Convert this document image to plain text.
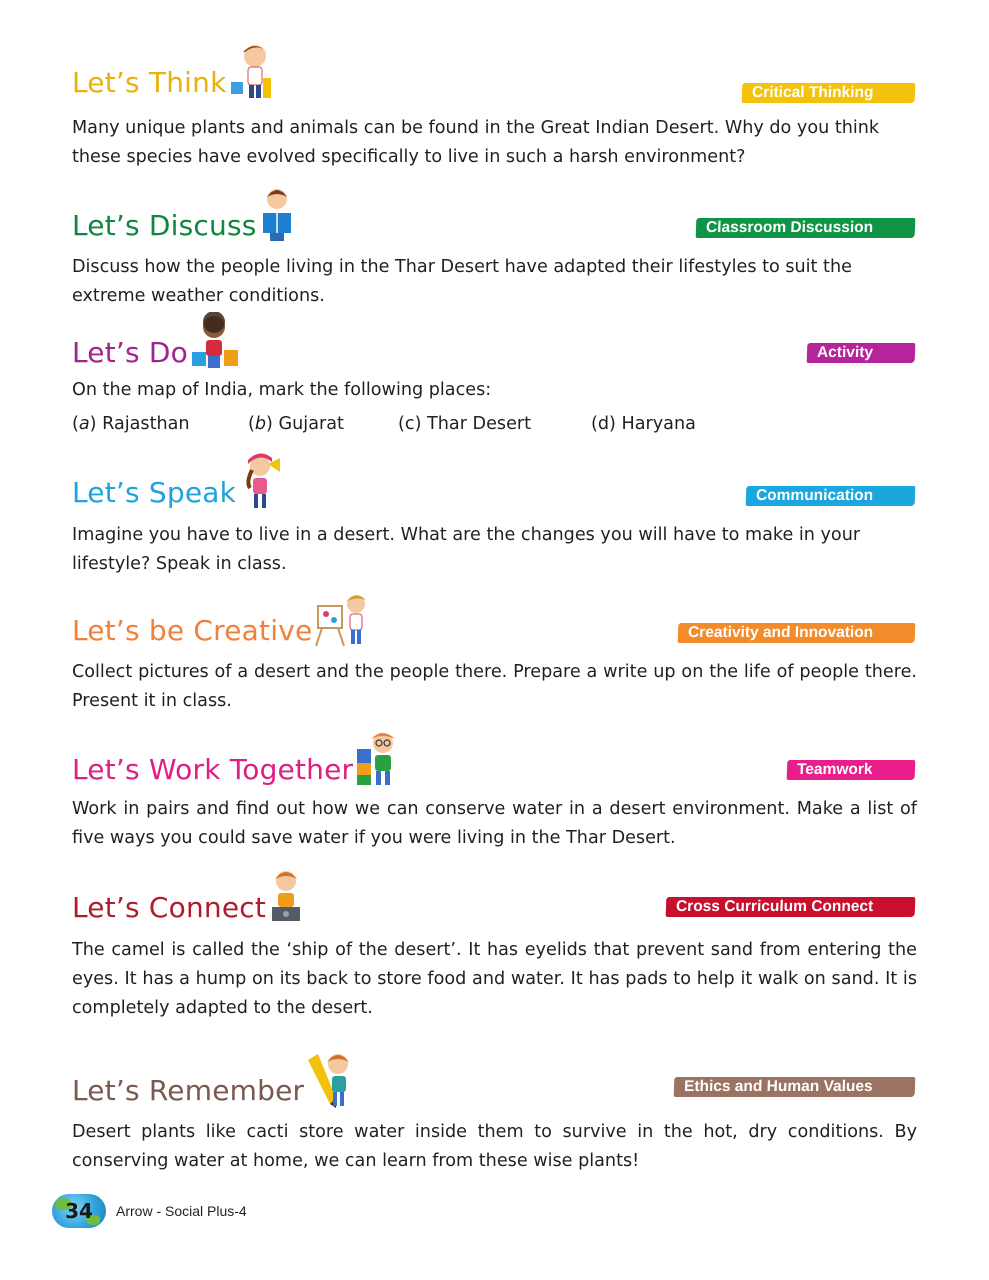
Let’s Think	Critical Thinking

Many unique plants and animals can be found in the Great Indian Desert. Why do you think these species have evolved specifically to live in such a harsh environment?

Let’s Discuss	Classroom Discussion

Discuss how the people living in the Thar Desert have adapted their lifestyles to suit the extreme weather conditions.

Let’s Do	Activity

On the map of India, mark the following places:

(a) Rajasthan	(b) Gujarat	(c) Thar Desert	(d) Haryana
Let’s Speak	Communication

Imagine you have to live in a desert. What are the changes you will have to make in your lifestyle? Speak in class.

Let’s be Creative	Creativity and Innovation

Collect pictures of a desert and the people there. Prepare a write up on the life of people there. Present it in class.

Let’s Work Together	Teamwork

Work in pairs and find out how we can conserve water in a desert environment. Make a list of five ways you could save water if you were living in the Thar Desert.

Let’s Connect	Cross Curriculum Connect

The camel is called the ‘ship of the desert’. It has eyelids that prevent sand from entering the eyes. It has a hump on its back to store food and water. It has pads to help it walk on sand. It is completely adapted to the desert.

Let’s Remember	Ethics and Human Values

Desert plants like cacti store water inside them to survive in the hot, dry conditions. By conserving water at home, we can learn from these wise plants!

34 Arrow - Social Plus-4
